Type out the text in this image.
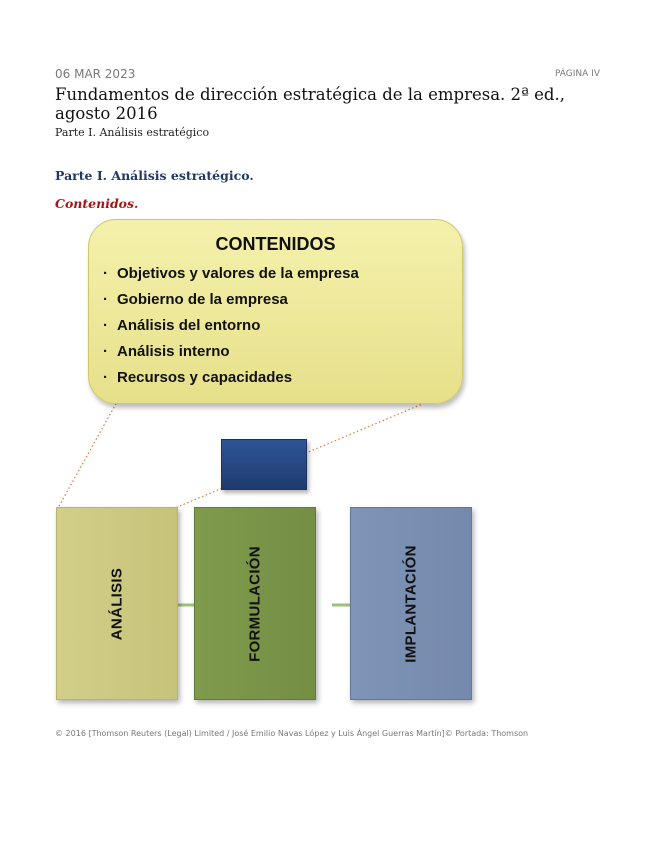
06 MAR 2023	PÁGINA IV
Fundamentos de dirección estratégica de la empresa. 2ª ed., agosto 2016
Parte I. Análisis estratégico
Parte I. Análisis estratégico.
Contenidos.
CONTENIDOS
· Objetivos y valores de la empresa
· Gobierno de la empresa
· Análisis del entorno
· Análisis interno
· Recursos y capacidades
ANÁLISIS	FORMULACIÓN	IMPLANTACIÓN
© 2016 [Thomson Reuters (Legal) Limited / José Emilio Navas López y Luis Ángel Guerras Martín]© Portada: Thomson
